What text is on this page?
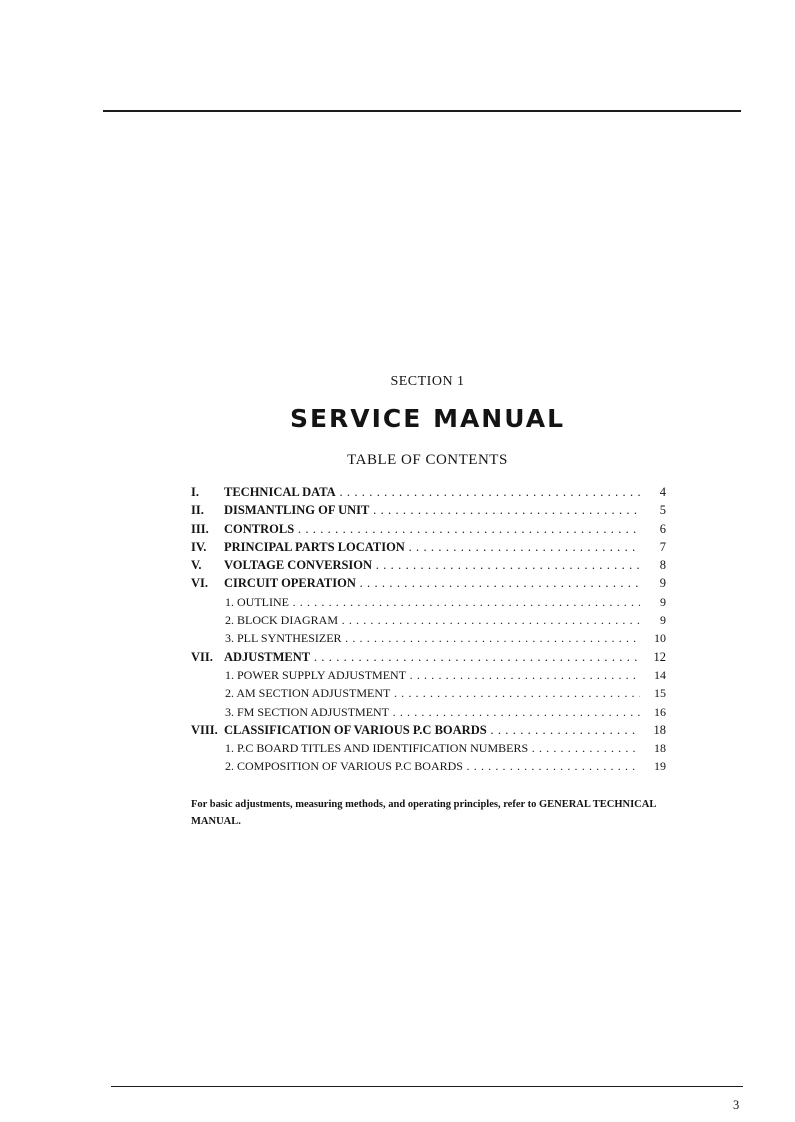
SECTION 1
SERVICE MANUAL
TABLE OF CONTENTS
I. TECHNICAL DATA . . .	4
II. DISMANTLING OF UNIT . . .	5
III. CONTROLS . . .	6
IV. PRINCIPAL PARTS LOCATION . . .	7
V. VOLTAGE CONVERSION . . .	8
VI. CIRCUIT OPERATION . . .	9
1. OUTLINE . . .	9
2. BLOCK DIAGRAM . . .	9
3. PLL SYNTHESIZER . . .	10
VII. ADJUSTMENT . . .	12
1. POWER SUPPLY ADJUSTMENT . . .	14
2. AM SECTION ADJUSTMENT . . .	15
3. FM SECTION ADJUSTMENT . . .	16
VIII. CLASSIFICATION OF VARIOUS P.C BOARDS . . .	18
1. P.C BOARD TITLES AND IDENTIFICATION NUMBERS . . .	18
2. COMPOSITION OF VARIOUS P.C BOARDS . . .	19
For basic adjustments, measuring methods, and operating principles, refer to GENERAL TECHNICAL MANUAL.
3
